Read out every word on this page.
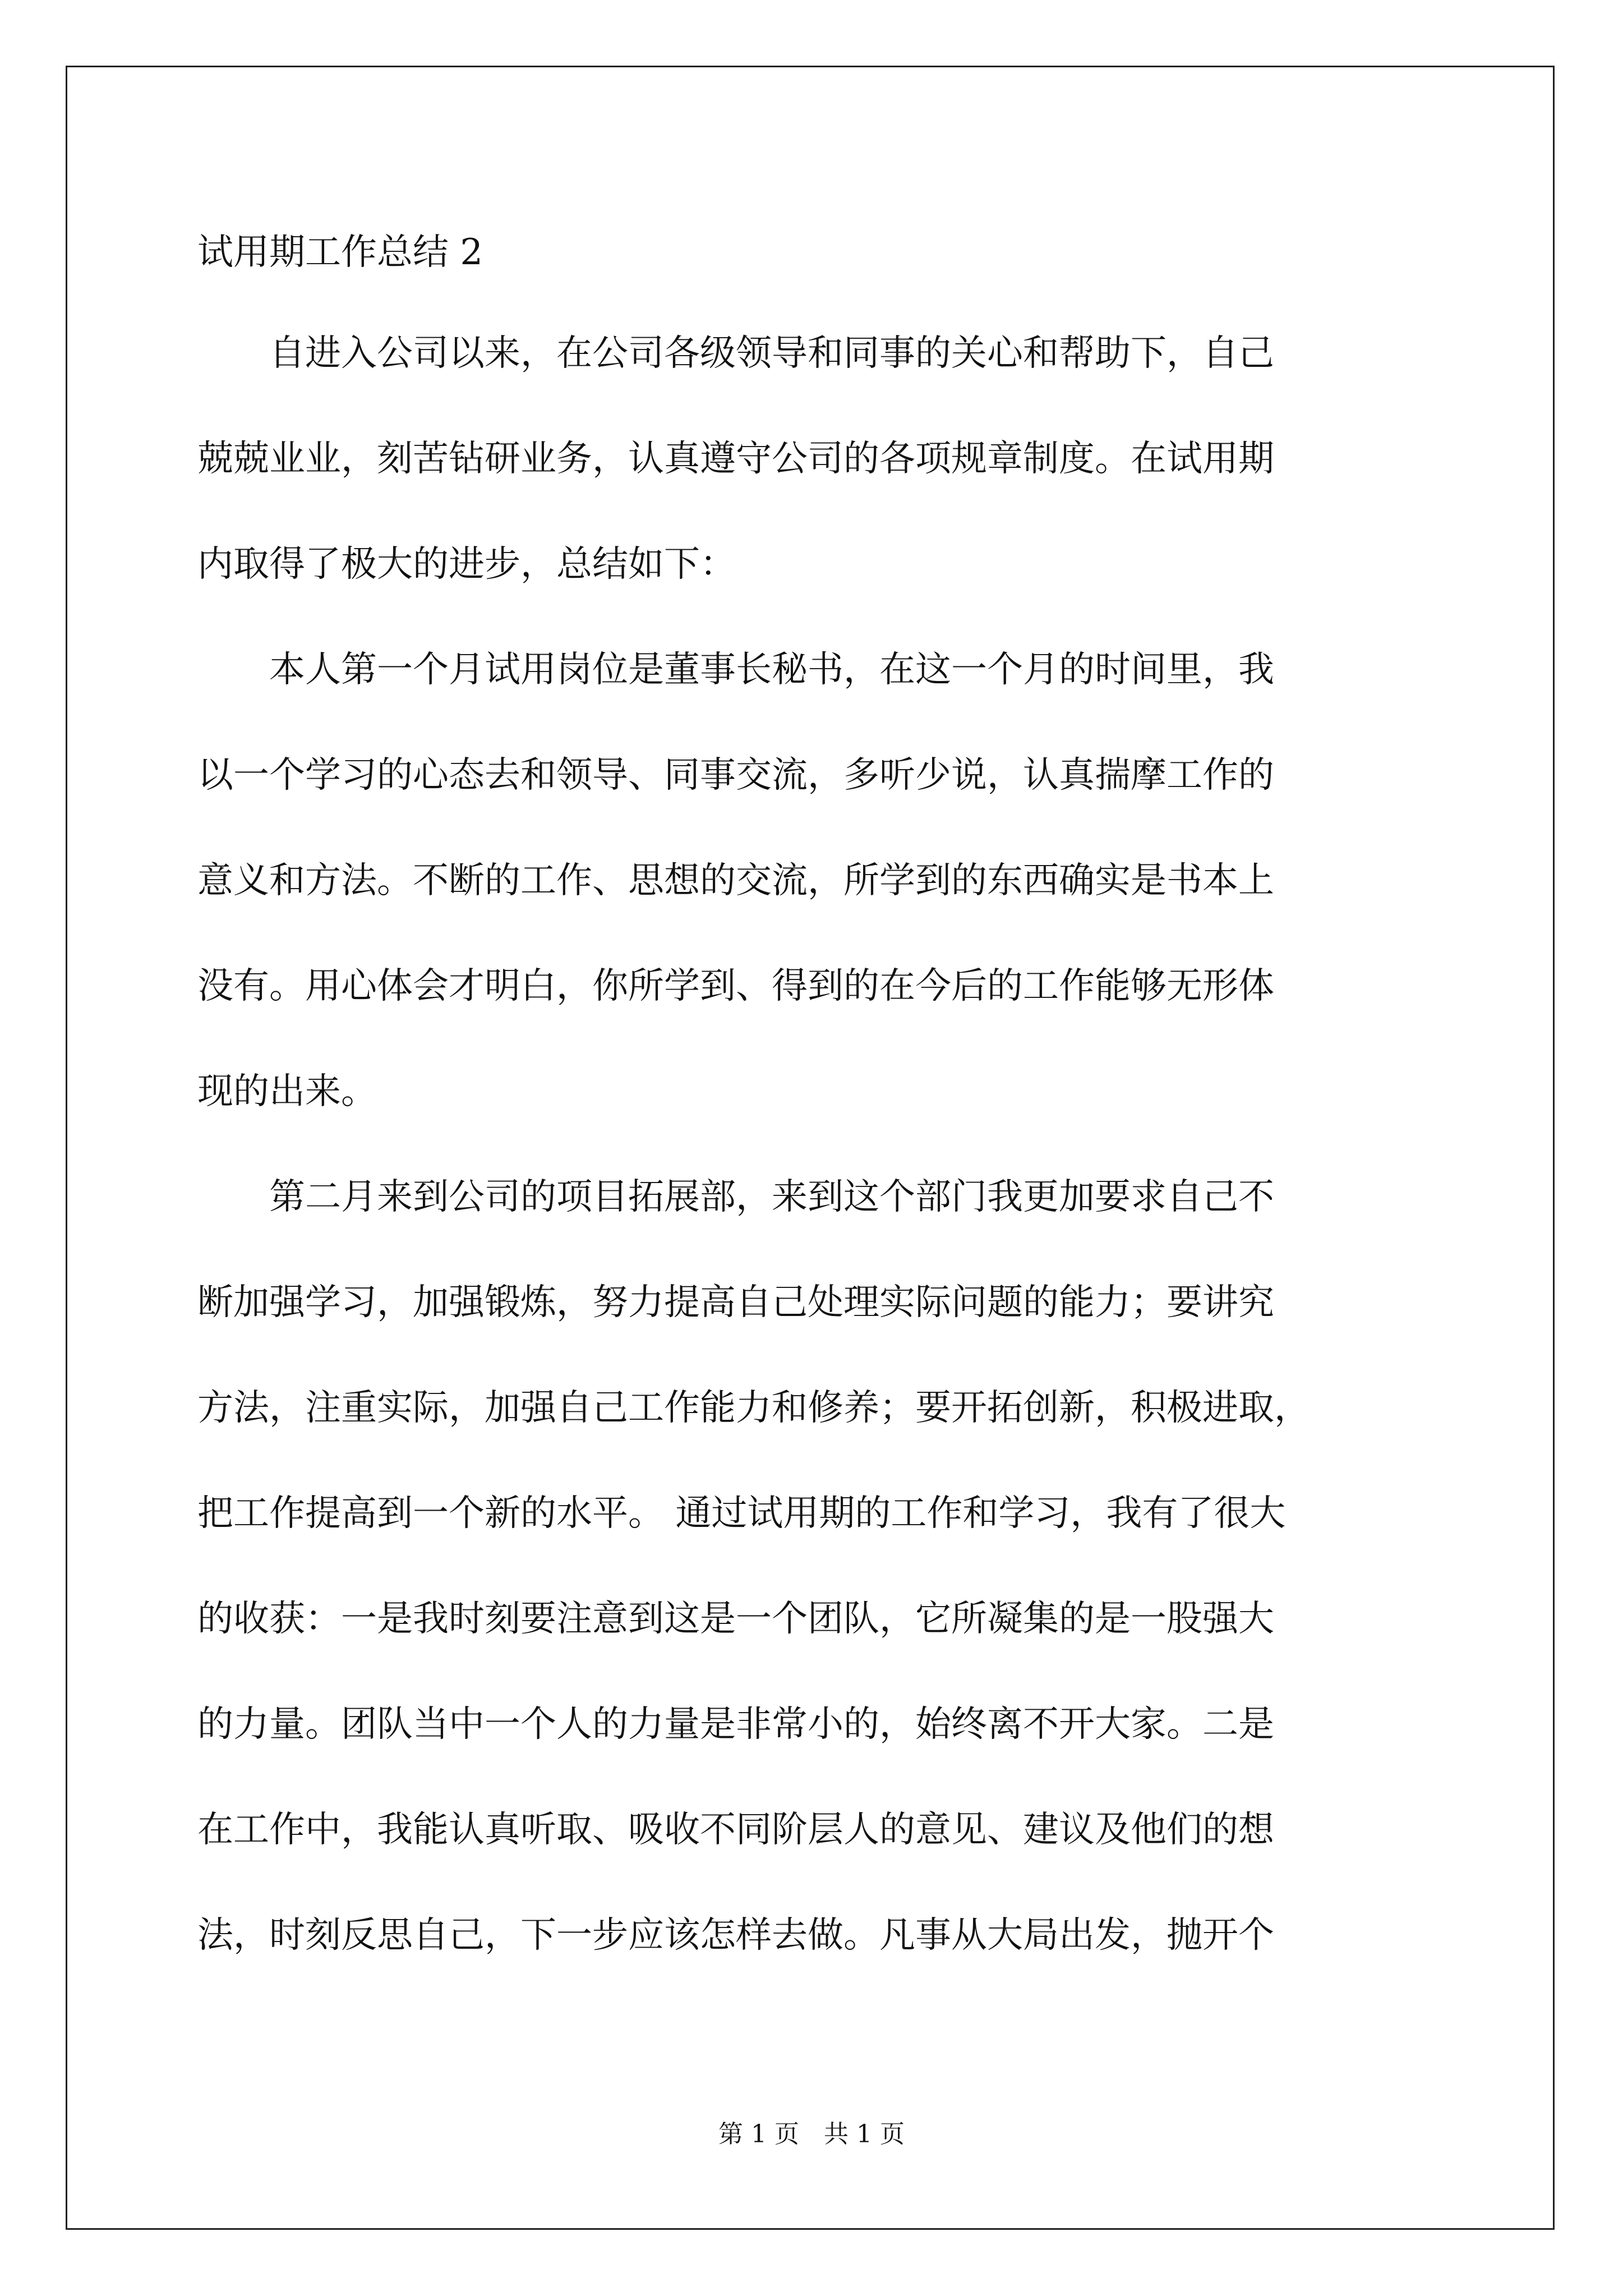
试用期工作总结 2
　　自进入公司以来，在公司各级领导和同事的关心和帮助下，自己
兢兢业业，刻苦钻研业务，认真遵守公司的各项规章制度。在试用期
内取得了极大的进步，总结如下：
　　本人第一个月试用岗位是董事长秘书，在这一个月的时间里，我
以一个学习的心态去和领导、同事交流，多听少说，认真揣摩工作的
意义和方法。不断的工作、思想的交流，所学到的东西确实是书本上
没有。用心体会才明白，你所学到、得到的在今后的工作能够无形体
现的出来。
　　第二月来到公司的项目拓展部，来到这个部门我更加要求自己不
断加强学习，加强锻炼，努力提高自己处理实际问题的能力；要讲究
方法，注重实际，加强自己工作能力和修养；要开拓创新，积极进取，
把工作提高到一个新的水平。 通过试用期的工作和学习，我有了很大
的收获：一是我时刻要注意到这是一个团队，它所凝集的是一股强大
的力量。团队当中一个人的力量是非常小的，始终离不开大家。二是
在工作中，我能认真听取、吸收不同阶层人的意见、建议及他们的想
法，时刻反思自己，下一步应该怎样去做。凡事从大局出发，抛开个
第 1 页　共 1 页
